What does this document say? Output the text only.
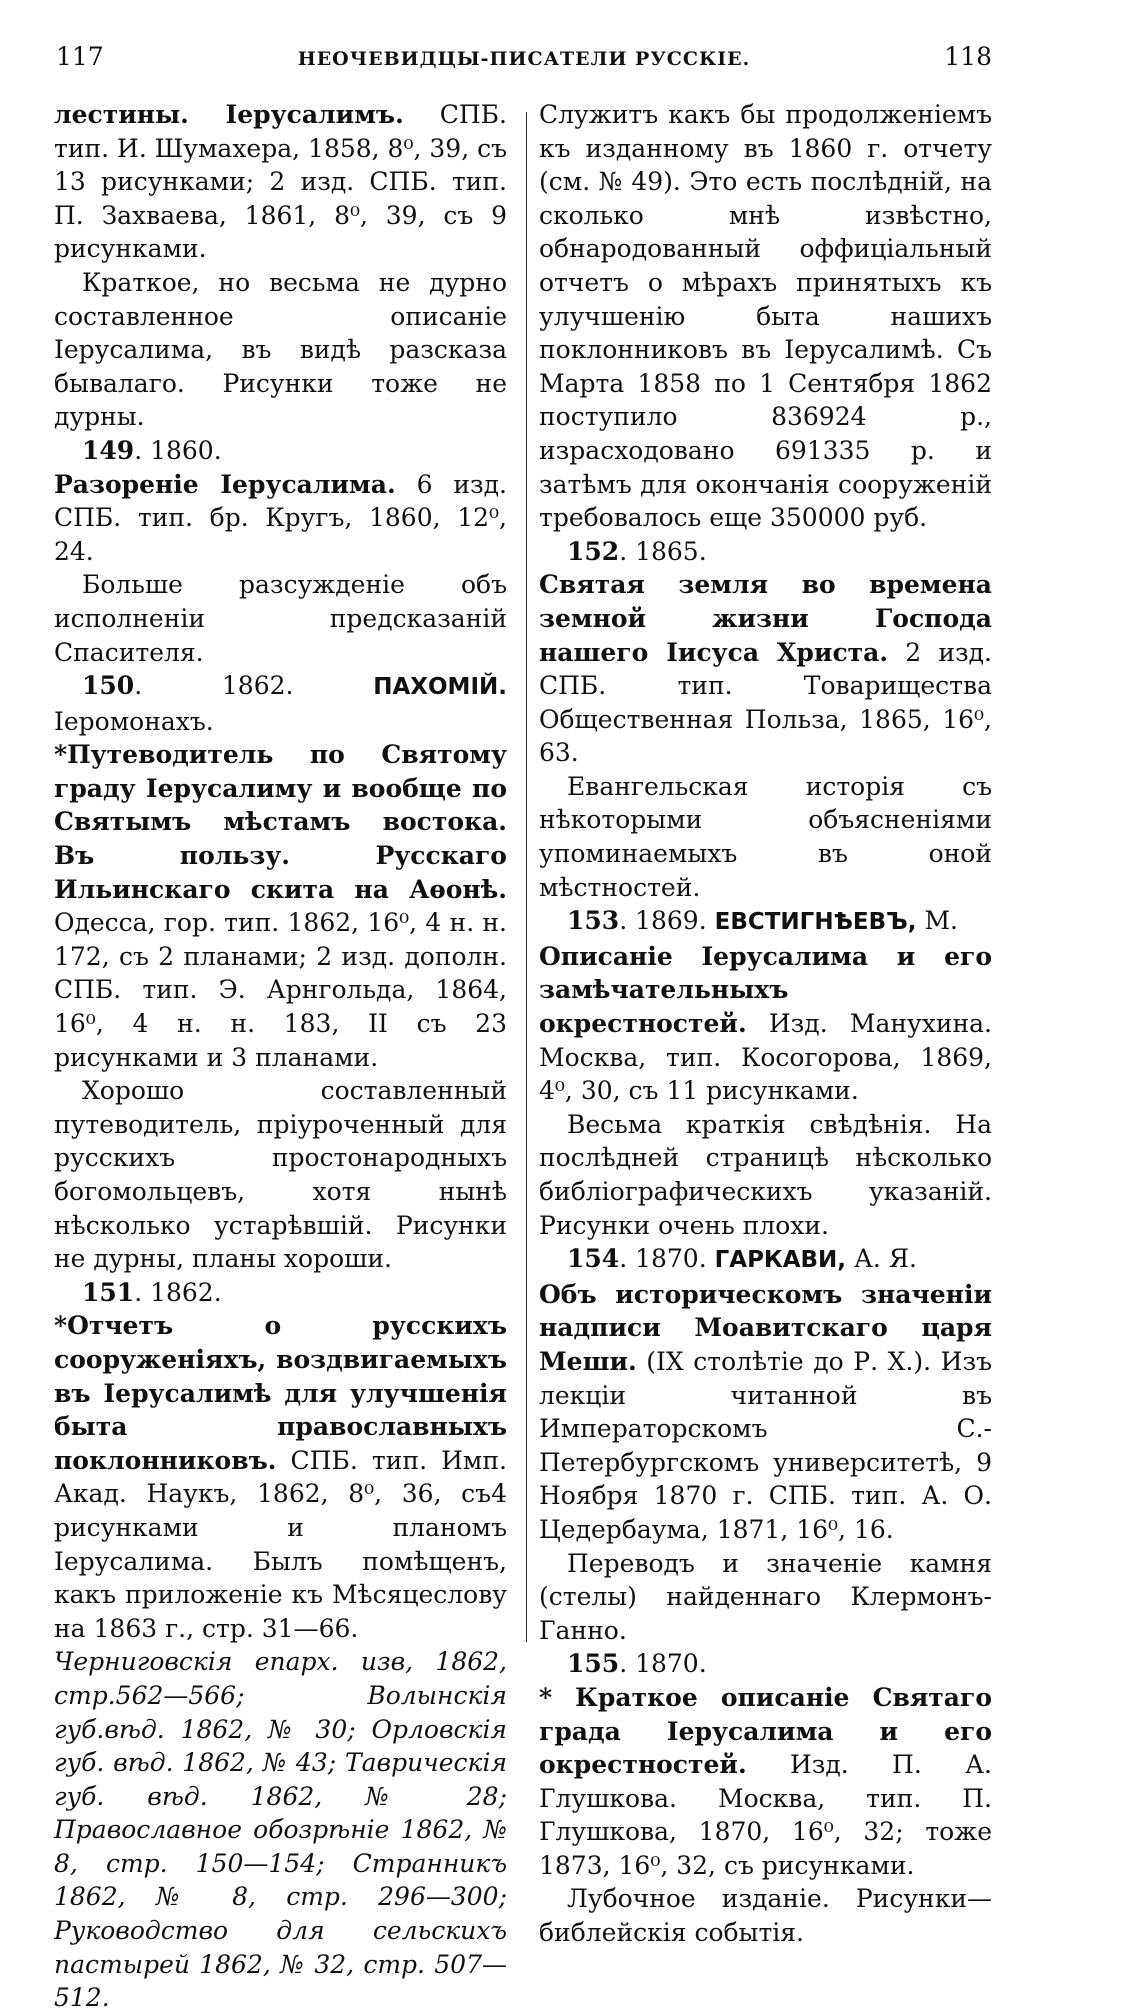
117	НЕОЧЕВИДЦЫ-ПИСАТЕЛИ РУССКІЕ.	118

лестины. Іерусалимъ. СПБ. тип. И. Шумахера, 1858, 8⁰, 39, съ 13 рисунками; 2 изд. СПБ. тип. П. Захваева, 1861, 8⁰, 39, съ 9 рисунками.

Краткое, но весьма не дурно составленное описаніе Іерусалима, въ видѣ разсказа бывалаго. Рисунки тоже не дурны.

149. 1860.

Разореніе Іерусалима. 6 изд. СПБ. тип. бр. Кругъ, 1860, 12⁰, 24.

Больше разсужденіе объ исполненіи предсказаній Спасителя.

150. 1862. ПАХОМІЙ. Іеромонахъ.

*Путеводитель по Святому граду Іерусалиму и вообще по Святымъ мѣстамъ востока. Въ пользу. Русскаго Ильинскаго скита на Аѳонѣ. Одесса, гор. тип. 1862, 16⁰, 4 н. н. 172, съ 2 планами; 2 изд. дополн. СПБ. тип. Э. Арнгольда, 1864, 16⁰, 4 н. н. 183, II съ 23 рисунками и 3 планами.

Хорошо составленный путеводитель, пріуроченный для русскихъ простонародныхъ богомольцевъ, хотя нынѣ нѣсколько устарѣвшій. Рисунки не дурны, планы хороши.

151. 1862.

*Отчетъ о русскихъ сооруженіяхъ, воздвигаемыхъ въ Іерусалимѣ для улучшенія быта православныхъ поклонниковъ. СПБ. тип. Имп. Акад. Наукъ, 1862, 8⁰, 36, съ4 рисунками и планомъ Іерусалима. Былъ помѣщенъ, какъ приложеніе къ Мѣсяцеслову на 1863 г., стр. 31—66.

Черниговскія епарх. изв, 1862, стр.562—566; Волынскія губ.вѣд. 1862, № 30; Орловскія губ. вѣд. 1862, № 43; Таврическія губ. вѣд. 1862, № 28; Православное обозрѣніе 1862, № 8, стр. 150—154; Странникъ 1862, № 8, стр. 296—300; Руководство для сельскихъ пастырей 1862, № 32, стр. 507—512.

Служитъ какъ бы продолженіемъ къ изданному въ 1860 г. отчету (см. № 49). Это есть послѣдній, на сколько мнѣ извѣстно, обнародованный оффиціальный отчетъ о мѣрахъ принятыхъ къ улучшенію быта нашихъ поклонниковъ въ Іерусалимѣ. Съ Марта 1858 по 1 Сентября 1862 поступило 836924 р., израсходовано 691335 р. и затѣмъ для окончанія сооруженій требовалось еще 350000 руб.

152. 1865.

Святая земля во времена земной жизни Господа нашего Іисуса Христа. 2 изд. СПБ. тип. Товарищества Общественная Польза, 1865, 16⁰, 63.

Евангельская исторія съ нѣкоторыми объясненіями упоминаемыхъ въ оной мѣстностей.

153. 1869. ЕВСТИГНѢЕВЪ, М.

Описаніе Іерусалима и его замѣчательныхъ окрестностей. Изд. Манухина. Москва, тип. Косогорова, 1869, 4⁰, 30, съ 11 рисунками.

Весьма краткія свѣдѣнія. На послѣдней страницѣ нѣсколько библіографическихъ указаній. Рисунки очень плохи.

154. 1870. ГАРКАВИ, А. Я.

Объ историческомъ значеніи надписи Моавитскаго царя Меши. (IX столѣтіе до Р. Х.). Изъ лекціи читанной въ Императорскомъ С.-Петербургскомъ университетѣ, 9 Ноября 1870 г. СПБ. тип. А. О. Цедербаума, 1871, 16⁰, 16.

Переводъ и значеніе камня (стелы) найденнаго Клермонъ-Ганно.

155. 1870.

* Краткое описаніе Святаго града Іерусалима и его окрестностей. Изд. П. А. Глушкова. Москва, тип. П. Глушкова, 1870, 16⁰, 32; тоже 1873, 16⁰, 32, съ рисунками.

Лубочное изданіе. Рисунки—библейскія событія.
